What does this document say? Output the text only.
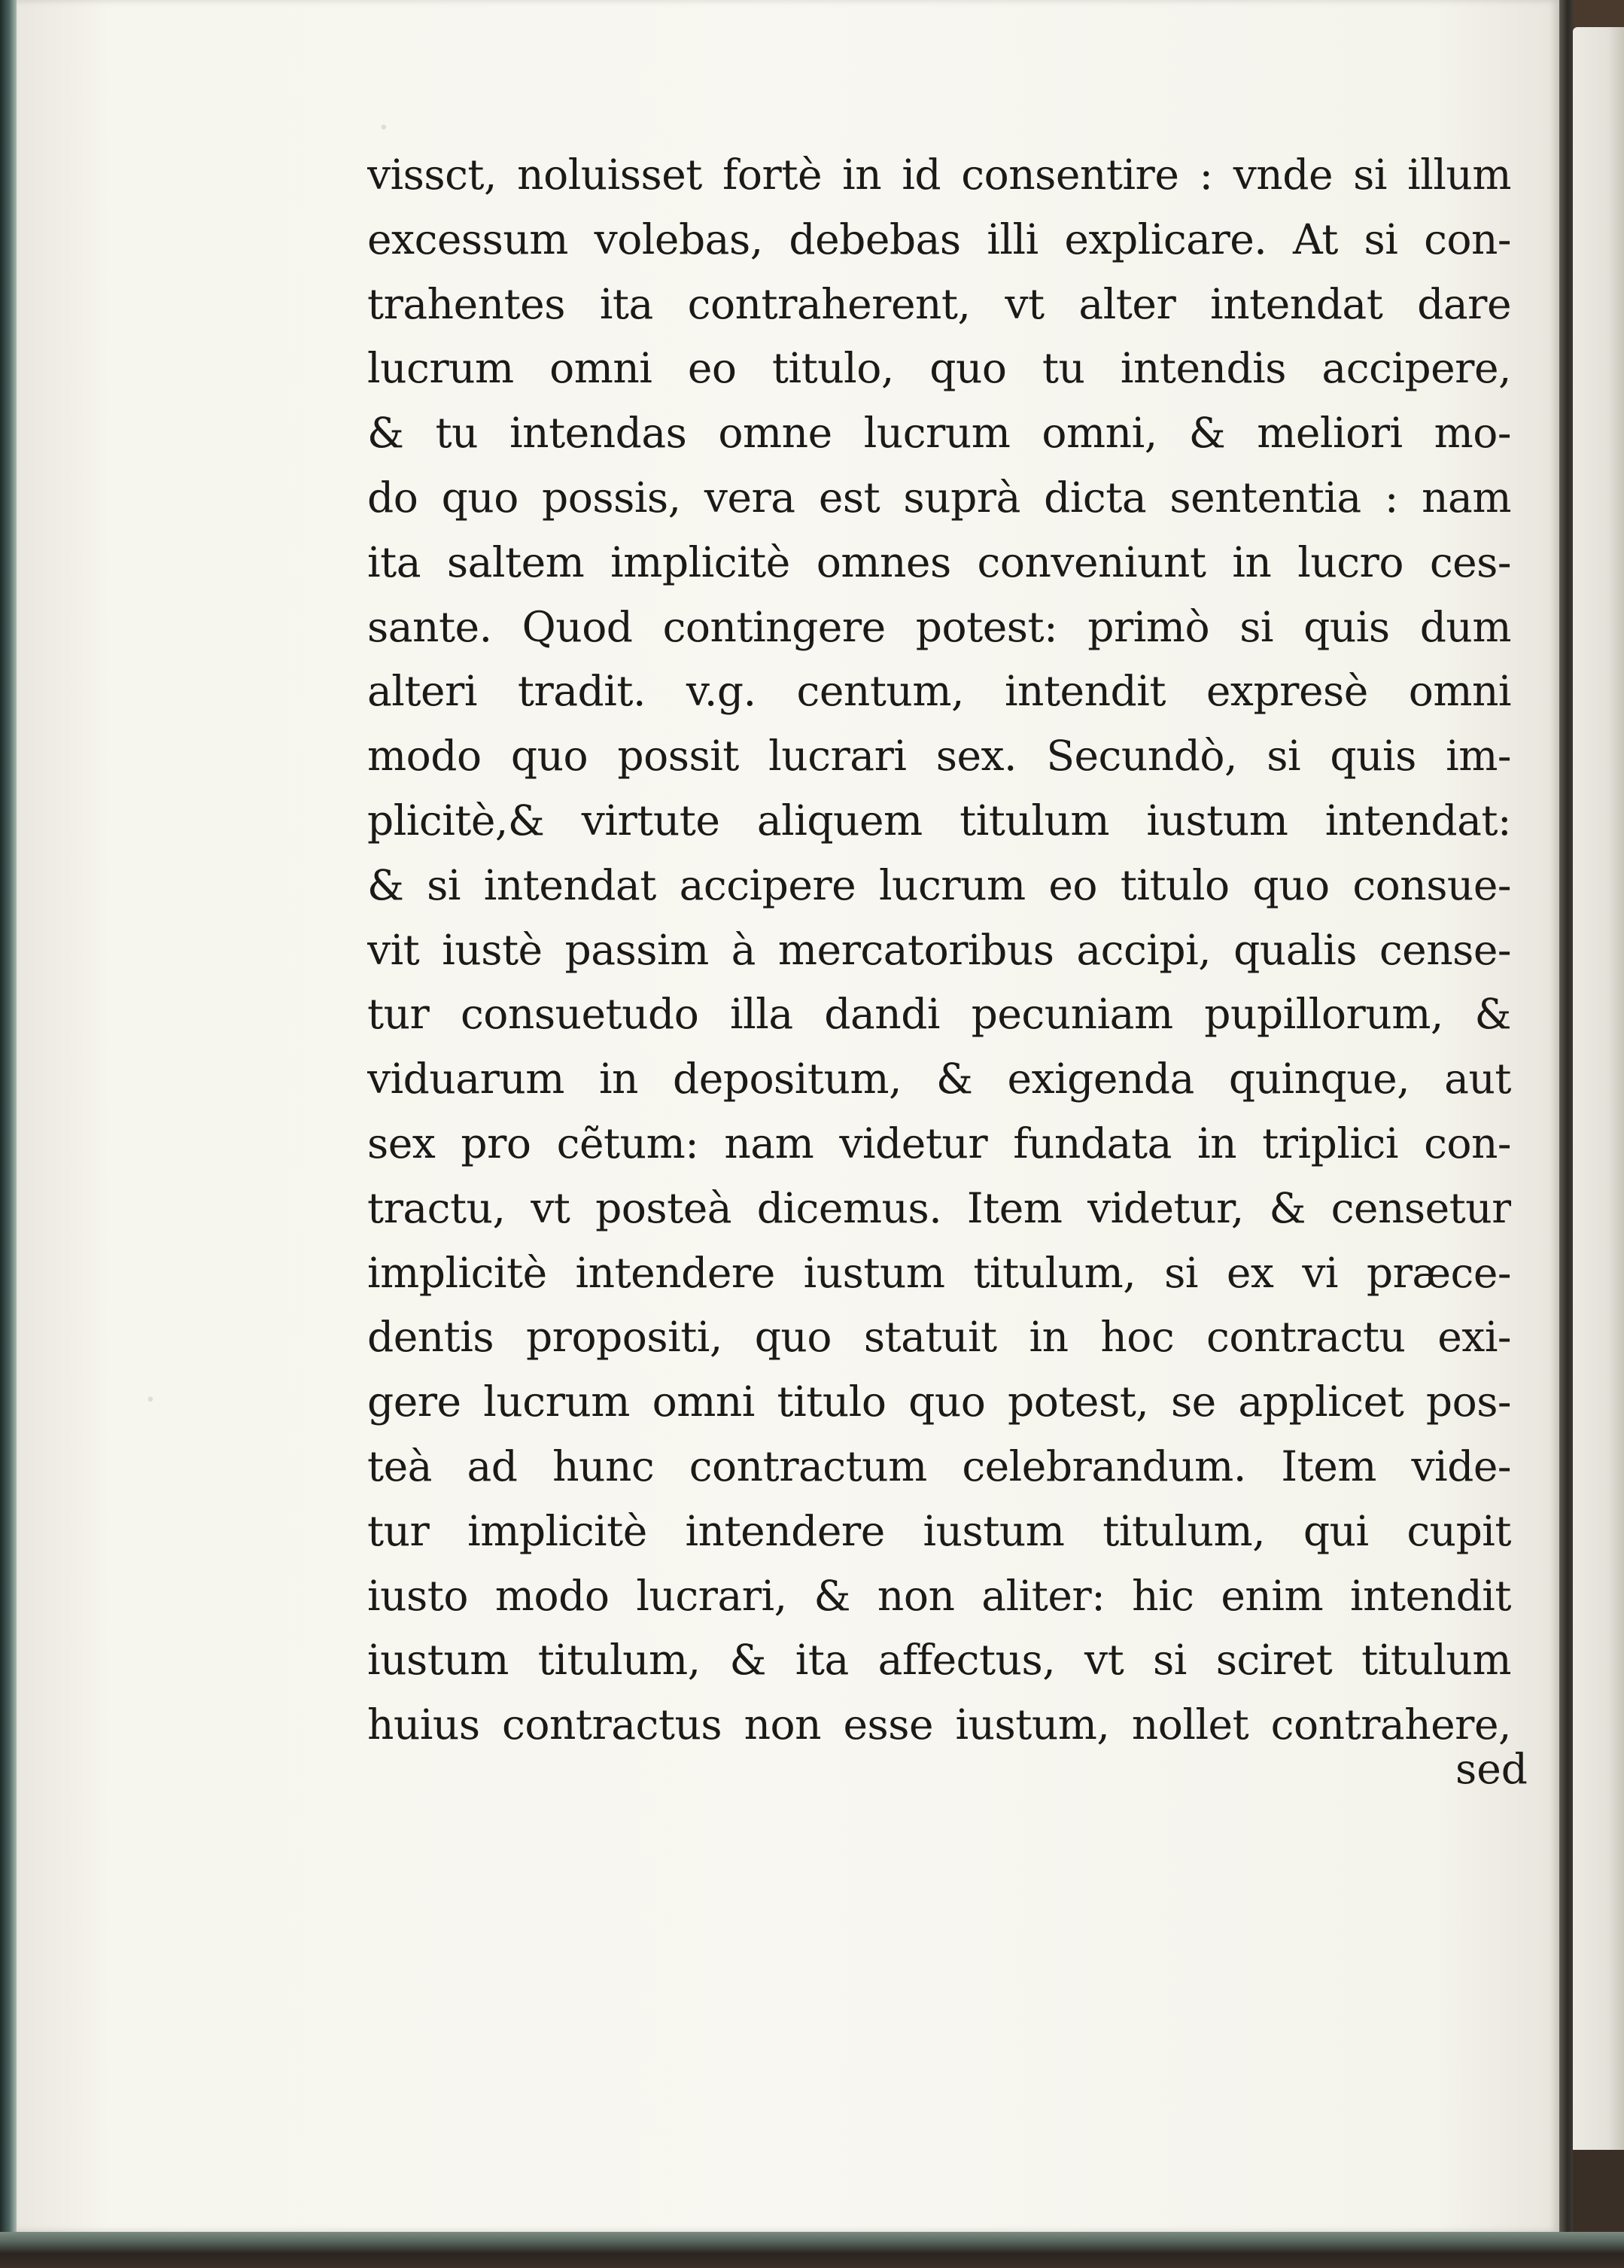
·
·
vissct, noluisset fortè in id consentire : vnde si illum
excessum volebas, debebas illi explicare. At si con-
trahentes ita contraherent, vt alter intendat dare
lucrum omni eo titulo, quo tu intendis accipere,
& tu intendas omne lucrum omni, & meliori mo-
do quo possis, vera est suprà dicta sententia : nam
ita saltem implicitè omnes conveniunt in lucro ces-
sante. Quod contingere potest: primò si quis dum
alteri tradit. v.g. centum, intendit expresè omni
modo quo possit lucrari sex. Secundò, si quis im-
plicitè,& virtute aliquem titulum iustum intendat:
& si intendat accipere lucrum eo titulo quo consue-
vit iustè passim à mercatoribus accipi, qualis cense-
tur consuetudo illa dandi pecuniam pupillorum, &
viduarum in depositum, & exigenda quinque, aut
sex pro cẽtum: nam videtur fundata in triplici con-
tractu, vt posteà dicemus. Item videtur, & censetur
implicitè intendere iustum titulum, si ex vi præce-
dentis propositi, quo statuit in hoc contractu exi-
gere lucrum omni titulo quo potest, se applicet pos-
teà ad hunc contractum celebrandum. Item vide-
tur implicitè intendere iustum titulum, qui cupit
iusto modo lucrari, & non aliter: hic enim intendit
iustum titulum, & ita affectus, vt si sciret titulum
huius contractus non esse iustum, nollet contrahere,
sed
